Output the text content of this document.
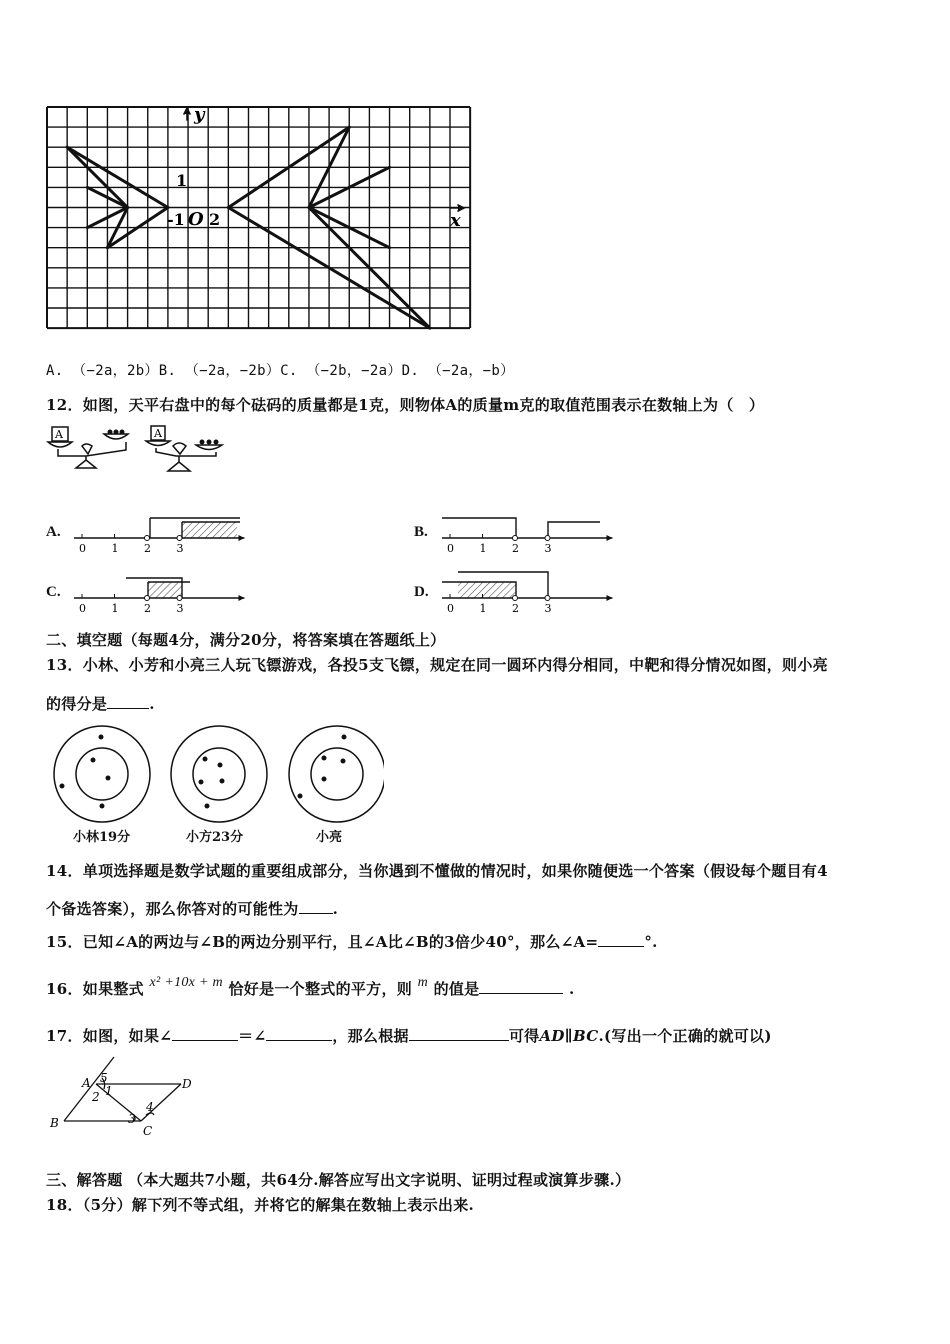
y
x
1
-1 O 2
A. （−2a，2b）B. （−2a，−2b）C. （−2b，−2a）D. （−2a，−b）
12．如图，天平右盘中的每个砝码的质量都是1克，则物体A的质量m克的取值范围表示在数轴上为（　）
A	A
二、填空题（每题4分，满分20分，将答案填在答题纸上）
13．小林、小芳和小亮三人玩飞镖游戏，各投5支飞镖，规定在同一圆环内得分相同，中靶和得分情况如图，则小亮
的得分是	.
小林19分	小方23分	小亮
14．单项选择题是数学试题的重要组成部分，当你遇到不懂做的情况时，如果你随便选一个答案（假设每个题目有4
个备选答案），那么你答对的可能性为 .
15．已知∠A的两边与∠B的两边分别平行，且∠A比∠B的3倍少40°，那么∠A=	°.
16．如果整式 x² +10x + m 恰好是一个整式的平方，则 m 的值是	.
17．如图，如果∠	＝∠	，那么根据	可得AD∥BC.(写出一个正确的就可以)
A
B
C
D
1
2
3
4
5
三、解答题 （本大题共7小题，共64分.解答应写出文字说明、证明过程或演算步骤.）
18．（5分）解下列不等式组，并将它的解集在数轴上表示出来.
A.
0 1 2 3
B.
0 1 2 3
C.
0 1 2 3
D.
0 1 2 3
